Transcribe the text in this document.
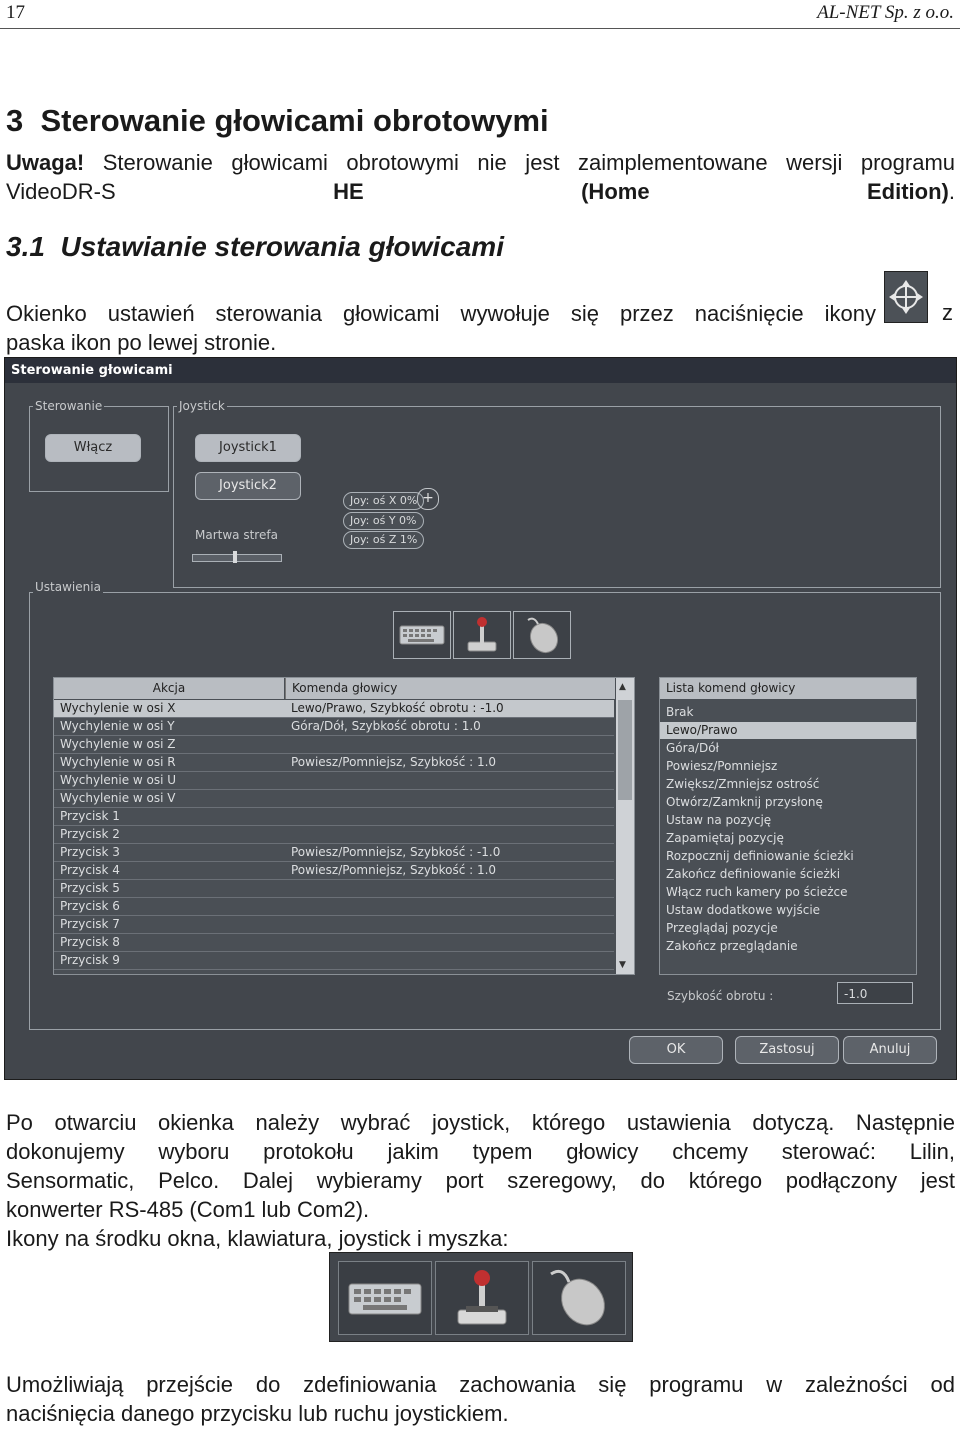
17	AL-NET Sp. z o.o.
3 Sterowanie głowicami obrotowymi
Uwaga! Sterowanie głowicami obrotowymi nie jest zaimplementowane wersji programu VideoDR-S HE (Home Edition).
3.1 Ustawianie sterowania głowicami
Okienko ustawień sterowania głowicami wywołuje się przez naciśnięcie ikony	z
paska ikon po lewej stronie.
Sterowanie głowicami
Sterowanie	Joystick
Ustawienia
Włącz	Joystick1
Joystick2
Joy: oś X 0%
Joy: oś Y 0%
Joy: oś Z 1%
+
Martwa strefa
Akcja	Komenda głowicy
Wychylenie w osi X	Lewo/Prawo, Szybkość obrotu : -1.0
Wychylenie w osi Y	Góra/Dół, Szybkość obrotu : 1.0
Wychylenie w osi Z
Wychylenie w osi R	Powiesz/Pomniejsz, Szybkość : 1.0
Wychylenie w osi U
Wychylenie w osi V
Przycisk 1
Przycisk 2
Przycisk 3	Powiesz/Pomniejsz, Szybkość : -1.0
Przycisk 4	Powiesz/Pomniejsz, Szybkość : 1.0
Przycisk 5
Przycisk 6
Przycisk 7
Przycisk 8
Przycisk 9
▲
▼
Lista komend głowicy
Brak
Lewo/Prawo
Góra/Dół
Powiesz/Pomniejsz
Zwiększ/Zmniejsz ostrość
Otwórz/Zamknij przysłonę
Ustaw na pozycję
Zapamiętaj pozycję
Rozpocznij definiowanie ścieżki
Zakończ definiowanie ścieżki
Włącz ruch kamery po ścieżce
Ustaw dodatkowe wyjście
Przeglądaj pozycje
Zakończ przeglądanie
Szybkość obrotu :	-1.0
OK	Zastosuj	Anuluj
Po otwarciu okienka należy wybrać joystick, którego ustawienia dotyczą. Następnie
dokonujemy wyboru protokołu jakim typem głowicy chcemy sterować: Lilin,
Sensormatic, Pelco. Dalej wybieramy port szeregowy, do którego podłączony jest
konwerter RS-485 (Com1 lub Com2).
Ikony na środku okna, klawiatura, joystick i myszka:
Umożliwiają przejście do zdefiniowania zachowania się programu w zależności od
naciśnięcia danego przycisku lub ruchu joystickiem.
